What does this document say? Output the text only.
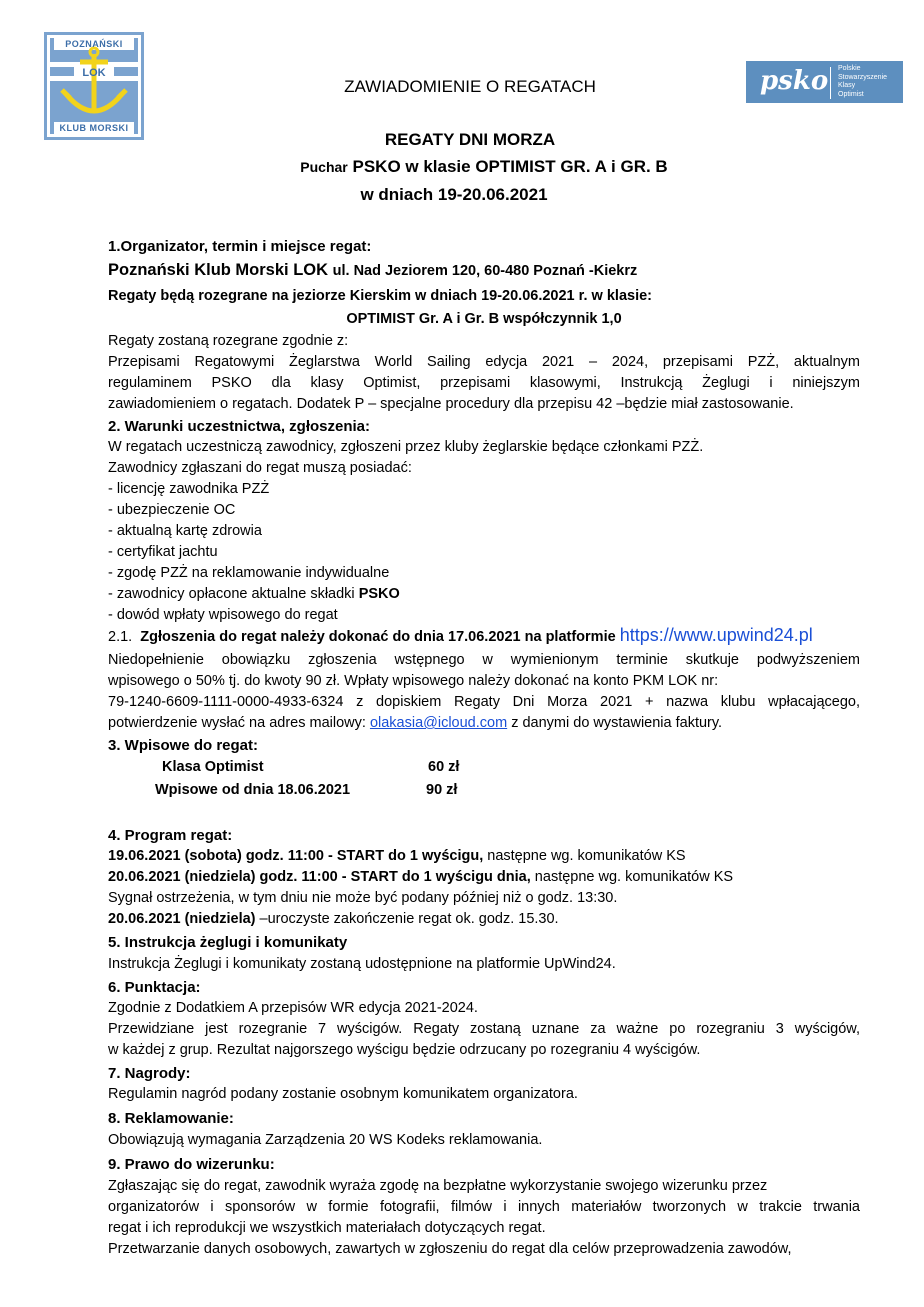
POZNAŃSKI
LOK
KLUB MORSKI
psko Polskie
Stowarzyszenie
Klasy
Optimist
ZAWIADOMIENIE O REGATACH
REGATY DNI MORZA
Puchar PSKO w klasie OPTIMIST GR. A i GR. B
w dniach 19-20.06.2021
1.Organizator, termin i miejsce regat:
Poznański Klub Morski LOK ul. Nad Jeziorem 120, 60-480 Poznań -Kiekrz
Regaty będą rozegrane na jeziorze Kierskim w dniach 19-20.06.2021 r. w klasie:
OPTIMIST Gr. A i Gr. B współczynnik 1,0
Regaty zostaną rozegrane zgodnie z:
Przepisami Regatowymi Żeglarstwa World Sailing edycja 2021 – 2024, przepisami PZŻ, aktualnym
regulaminem PSKO dla klasy Optimist, przepisami klasowymi, Instrukcją Żeglugi i niniejszym
zawiadomieniem o regatach. Dodatek P – specjalne procedury dla przepisu 42 –będzie miał zastosowanie.
2. Warunki uczestnictwa, zgłoszenia:
W regatach uczestniczą zawodnicy, zgłoszeni przez kluby żeglarskie będące członkami PZŻ.
Zawodnicy zgłaszani do regat muszą posiadać:
- licencję zawodnika PZŻ
- ubezpieczenie OC
- aktualną kartę zdrowia
- certyfikat jachtu
- zgodę PZŻ na reklamowanie indywidualne
- zawodnicy opłacone aktualne składki PSKO
- dowód wpłaty wpisowego do regat
2.1. Zgłoszenia do regat należy dokonać do dnia 17.06.2021 na platformie https://www.upwind24.pl
Niedopełnienie obowiązku zgłoszenia wstępnego w wymienionym terminie skutkuje podwyższeniem
wpisowego o 50% tj. do kwoty 90 zł. Wpłaty wpisowego należy dokonać na konto PKM LOK nr:
79-1240-6609-1111-0000-4933-6324 z dopiskiem Regaty Dni Morza 2021 + nazwa klubu wpłacającego,
potwierdzenie wysłać na adres mailowy: olakasia@icloud.com z danymi do wystawienia faktury.
3. Wpisowe do regat:
Klasa Optimist	60 zł
Wpisowe od dnia 18.06.2021	90 zł
4. Program regat:
19.06.2021 (sobota) godz. 11:00 - START do 1 wyścigu, następne wg. komunikatów KS
20.06.2021 (niedziela) godz. 11:00 - START do 1 wyścigu dnia, następne wg. komunikatów KS
Sygnał ostrzeżenia, w tym dniu nie może być podany później niż o godz. 13:30.
20.06.2021 (niedziela) –uroczyste zakończenie regat ok. godz. 15.30.
5. Instrukcja żeglugi i komunikaty
Instrukcja Żeglugi i komunikaty zostaną udostępnione na platformie UpWind24.
6. Punktacja:
Zgodnie z Dodatkiem A przepisów WR edycja 2021-2024.
Przewidziane jest rozegranie 7 wyścigów. Regaty zostaną uznane za ważne po rozegraniu 3 wyścigów,
w każdej z grup. Rezultat najgorszego wyścigu będzie odrzucany po rozegraniu 4 wyścigów.
7. Nagrody:
Regulamin nagród podany zostanie osobnym komunikatem organizatora.
8. Reklamowanie:
Obowiązują wymagania Zarządzenia 20 WS Kodeks reklamowania.
9. Prawo do wizerunku:
Zgłaszając się do regat, zawodnik wyraża zgodę na bezpłatne wykorzystanie swojego wizerunku przez
organizatorów i sponsorów w formie fotografii, filmów i innych materiałów tworzonych w trakcie trwania
regat i ich reprodukcji we wszystkich materiałach dotyczących regat.
Przetwarzanie danych osobowych, zawartych w zgłoszeniu do regat dla celów przeprowadzenia zawodów,
